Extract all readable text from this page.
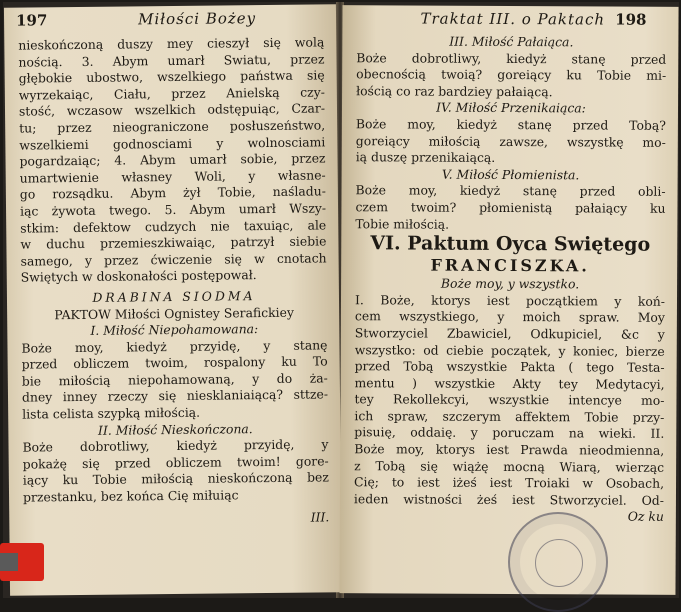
197	Miłości Bożey

nieskończoną duszy mey cieszył się wolą

nością. 3. Abym umarł Swiatu, przez

głębokie ubostwo, wszelkiego państwa się

wyrzekaiąc, Ciału, przez Anielską czy-

stość, wczasow wszelkich odstępuiąc, Czar-

tu; przez nieograniczone posłuszeństwo,

wszelkiemi godnosciami y wolnosciami

pogardzaiąc; 4. Abym umarł sobie, przez

umartwienie własney Woli, y własne-

go rozsądku. Abym żył Tobie, naśladu-

iąc żywota twego. 5. Abym umarł Wszy-

stkim: defektow cudzych nie taxuiąc, ale

w duchu przemieszkiwaiąc, patrzył siebie

samego, y przez ćwiczenie się w cnotach

Swiętych w doskonałości postępował.

DRABINA SIODMA

PAKTOW Miłości Ognistey Serafickiey

I. Miłość Niepohamowana:

Boże moy, kiedyż przyidę, y stanę

przed obliczem twoim, rospalony ku To

bie miłością niepohamowaną, y do ża-

dney inney rzeczy się niesklaniaiącą? sttze-

lista celista szypką miłością.

II. Miłość Nieskończona.

Boże dobrotliwy, kiedyż przyidę, y

pokażę się przed obliczem twoim! gore-

iący ku Tobie miłością nieskończoną bez

przestanku, bez końca Cię miłuiąc

III.

Traktat III. o Paktach 198

III. Miłość Pałaiąca.

Boże dobrotliwy, kiedyż stanę przed

obecnością twoią? goreiący ku Tobie mi-

łością co raz bardziey pałaiącą.

IV. Miłość Przenikaiąca:

Boże moy, kiedyż stanę przed Tobą?

goreiący miłością zawsze, wszystkę mo-

ią duszę przenikaiącą.

V. Miłość Płomienista.

Boże moy, kiedyż stanę przed obli-

czem twoim? płomienistą pałaiący ku

Tobie miłością.

VI. Paktum Oyca Swiętego

FRANCISZKA.

Boże moy, y wszystko.

I. Boże, ktorys iest początkiem y koń-

cem wszystkiego, y moich spraw. Moy

Stworzyciel Zbawiciel, Odkupiciel, &c y

wszystko: od ciebie początek, y koniec, bierze

przed Tobą wszystkie Pakta ( tego Testa-

mentu ) wszystkie Akty tey Medytacyi,

tey Rekollekcyi, wszystkie intencye mo-

ich spraw, szczerym affektem Tobie przy-

pisuię, oddaię. y poruczam na wieki. II.

Boże moy, ktorys iest Prawda nieodmienna,

z Tobą się wiążę mocną Wiarą, wierząc

Cię; to iest iżeś iest Troiaki w Osobach,

ieden wistności żeś iest Stworzyciel. Od-

Oz ku
